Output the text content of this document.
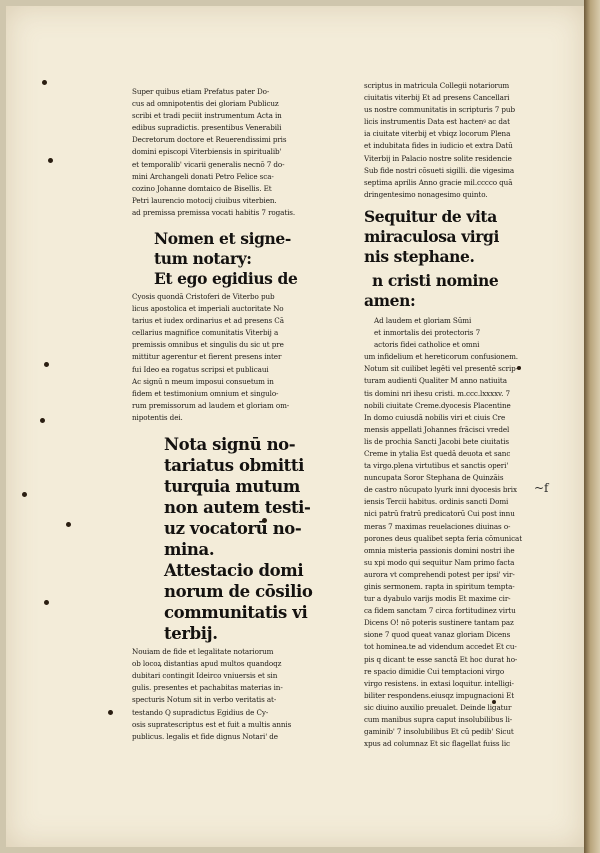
~f
Super quibus etiam Prefatus pater Do-
cus ad omnipotentis dei gloriam Publicuz
scribi et tradi peciit instrumentum Acta in
edibus supradictis. presentibus Venerabili
Decretorum doctore et Reuerendissimi pris
domini episcopi Viterbiensis in spiritualib'
et temporalib' vicarii generalis necnō 7 do-
mini Archangeli donati Petro Felice sca-
cozino Johanne domtaico de Bisellis. Et
Petri laurencio motocij ciuibus viterbien.
ad premissa premissa vocati habitis 7 rogatis.
Nomen et signe-
tum notary:
Et ego egidius de
Cyosis quondā Cristoferi de Viterbo pub
licus apostolica et imperiali auctoritate No
tarius et iudex ordinarius et ad presens Cā
cellarius magnifice comunitatis Viterbij a
premissis omnibus et singulis du sic ut pre
mittitur agerentur et fierent presens inter
fui Ideo ea rogatus scripsi et publicaui
Ac signū n meum imposui consuetum in
fidem et testimonium omnium et singulo-
rum premissorum ad laudem et gloriam om-
nipotentis dei.
Nota signū no-
tariatus obmitti
turquia mutum
non autem testi-
uz vocatorū no-
mina.
Attestacio domi
norum de cōsilio
communitatis vi
terbij.
Nouiam de fide et legalitate notariorum
ob locoꝝ distantias apud multos quandoqz
dubitari contingit Ideirco vniuersis et sin
gulis. presentes et pachabitas materias in-
specturis Notum sit in verbo veritatis at-
testando Q supradictus Egidius de Cy-
osis supratescriptus est et fuit a multis annis
publicus. legalis et fide dignus Notari' de
scriptus in matricula Collegii notariorum
ciuitatis viterbij Et ad presens Cancellari
us nostre communitatis in scripturis 7 pub
licis instrumentis Data est hactenꝰ ac dat
ia ciuitate viterbij et vbiqz locorum Plena
et indubitata fides in iudicio et extra Datū
Viterbij in Palacio nostre solite residencie
Sub fide nostri cōsueti sigilli. die vigesima
septima aprilis Anno gracie mil.cccco quā
dringentesimo nonagesimo quinto.
Sequitur de vita
miraculosa virgi
nis stephane.
n cristi nomine
amen:
Ad laudem et gloriam Sūmi
et inmortalis dei protectoris 7
actoris fidei catholice et omni
um infidelium et hereticorum confusionem.
Notum sit cuilibet legēti vel presentē scrip-
turam audienti Qualiter M anno natiuita
tis domini nri ihesu cristi. m.ccc.lxxxxv. 7
nobili ciuitate Creme.dyocesis Placentine
In domo cuiusdā nobilis viri et ciuis Cre
mensis appellati Johannes frācisci vredel
lis de prochia Sancti Jacobi bete ciuitatis
Creme in ytalia Est quedā deuota et sanc
ta virgo.plena virtutibus et sanctis operi'
nuncupata Soror Stephana de Quinzāis
de castro nūcupato lyurk inni dyocesis brix
iensis Tercii habitus. ordinis sancti Domi
nici patrū fratrū predicatorū Cui post innu
meras 7 maximas reuelaciones diuinas o-
porones deus qualibet septa feria cōmunicat
omnia misteria passionis domini nostri ihe
su xpi modo qui sequitur Nam primo facta
aurora vt comprehendi potest per ipsi' vir-
ginis sermonem. rapta in spiritum tempta-
tur a dyabulo varijs modis Et maxime cir-
ca fidem sanctam 7 circa fortitudinez virtu
Dicens O! nō poteris sustinere tantam paz
sione 7 quod queat vanaz gloriam Dicens
tot hominea.te ad videndum accedet Et cu-
pis q dicant te esse sanctā Et hoc durat ho-
re spacio dimidie Cui temptacioni virgo
virgo resistens. in extasi loquitur. intelligi-
biliter respondens.eiusqz impugnacioni Et
sic diuino auxilio preualet. Deinde ligatur
cum manibus supra caput insolubilibus li-
gaminib' 7 insolubilibus Et cū pedib' Sicut
xpus ad columnaz Et sic flagellat fuiss lic
